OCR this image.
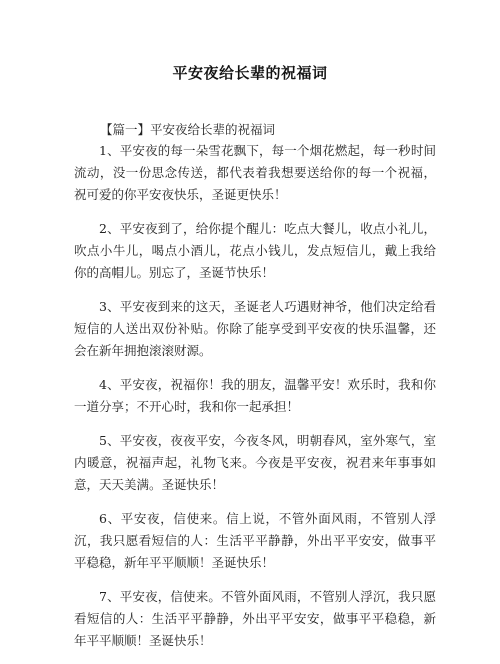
平安夜给长辈的祝福词
【篇一】平安夜给长辈的祝福词

1、平安夜的每一朵雪花飘下，每一个烟花燃起，每一秒时间流动，没一份思念传送，都代表着我想要送给你的每一个祝福，祝可爱的你平安夜快乐，圣诞更快乐！

2、平安夜到了，给你提个醒儿：吃点大餐儿，收点小礼儿，吹点小牛儿，喝点小酒儿，花点小钱儿，发点短信儿，戴上我给你的高帽儿。别忘了，圣诞节快乐！

3、平安夜到来的这天，圣诞老人巧遇财神爷，他们决定给看短信的人送出双份补贴。你除了能享受到平安夜的快乐温馨，还会在新年拥抱滚滚财源。

4、平安夜，祝福你！我的朋友，温馨平安！欢乐时，我和你一道分享；不开心时，我和你一起承担！

5、平安夜，夜夜平安，今夜冬风，明朝春风，室外寒气，室内暖意，祝福声起，礼物飞来。今夜是平安夜，祝君来年事事如意，天天美满。圣诞快乐！

6、平安夜，信使来。信上说，不管外面风雨，不管别人浮沉，我只愿看短信的人：生活平平静静，外出平平安安，做事平平稳稳，新年平平顺顺！圣诞快乐！

7、平安夜，信使来。不管外面风雨，不管别人浮沉，我只愿看短信的人：生活平平静静，外出平平安安，做事平平稳稳，新年平平顺顺！圣诞快乐！
